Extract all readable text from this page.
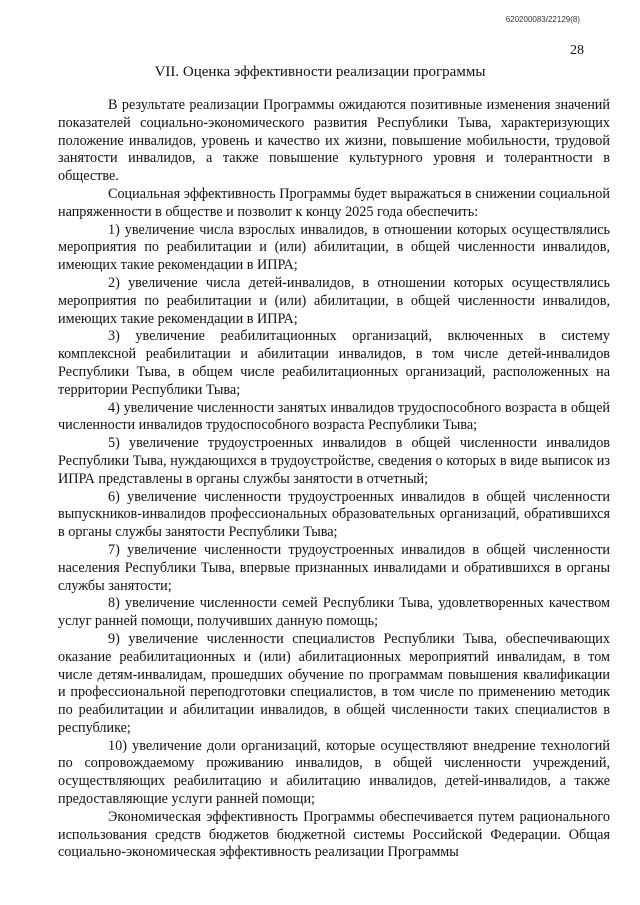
620200083/22129(8)
28
VII. Оценка эффективности реализации программы

В результате реализации Программы ожидаются позитивные изменения значений показателей социально-экономического развития Республики Тыва, характеризующих положение инвалидов, уровень и качество их жизни, повышение мобильности, трудовой занятости инвалидов, а также повышение культурного уровня и толерантности в обществе.

Социальная эффективность Программы будет выражаться в снижении социальной напряженности в обществе и позволит к концу 2025 года обеспечить:

1) увеличение числа взрослых инвалидов, в отношении которых осуществлялись мероприятия по реабилитации и (или) абилитации, в общей численности инвалидов, имеющих такие рекомендации в ИПРА;

2) увеличение числа детей-инвалидов, в отношении которых осуществлялись мероприятия по реабилитации и (или) абилитации, в общей численности инвалидов, имеющих такие рекомендации в ИПРА;

3) увеличение реабилитационных организаций, включенных в систему комплексной реабилитации и абилитации инвалидов, в том числе детей-инвалидов Республики Тыва, в общем числе реабилитационных организаций, расположенных на территории Республики Тыва;

4) увеличение численности занятых инвалидов трудоспособного возраста в общей численности инвалидов трудоспособного возраста Республики Тыва;

5) увеличение трудоустроенных инвалидов в общей численности инвалидов Республики Тыва, нуждающихся в трудоустройстве, сведения о которых в виде выписок из ИПРА представлены в органы службы занятости в отчетный;

6) увеличение численности трудоустроенных инвалидов в общей численности выпускников-инвалидов профессиональных образовательных организаций, обратившихся в органы службы занятости Республики Тыва;

7) увеличение численности трудоустроенных инвалидов в общей численности населения Республики Тыва, впервые признанных инвалидами и обратившихся в органы службы занятости;

8) увеличение численности семей Республики Тыва, удовлетворенных качеством услуг ранней помощи, получивших данную помощь;

9) увеличение численности специалистов Республики Тыва, обеспечивающих оказание реабилитационных и (или) абилитационных мероприятий инвалидам, в том числе детям-инвалидам, прошедших обучение по программам повышения квалификации и профессиональной переподготовки специалистов, в том числе по применению методик по реабилитации и абилитации инвалидов, в общей численности таких специалистов в республике;

10) увеличение доли организаций, которые осуществляют внедрение технологий по сопровождаемому проживанию инвалидов, в общей численности учреждений, осуществляющих реабилитацию и абилитацию инвалидов, детей-инвалидов, а также предоставляющие услуги ранней помощи;

Экономическая эффективность Программы обеспечивается путем рационального использования средств бюджетов бюджетной системы Российской Федерации. Общая социально-экономическая эффективность реализации Программы
